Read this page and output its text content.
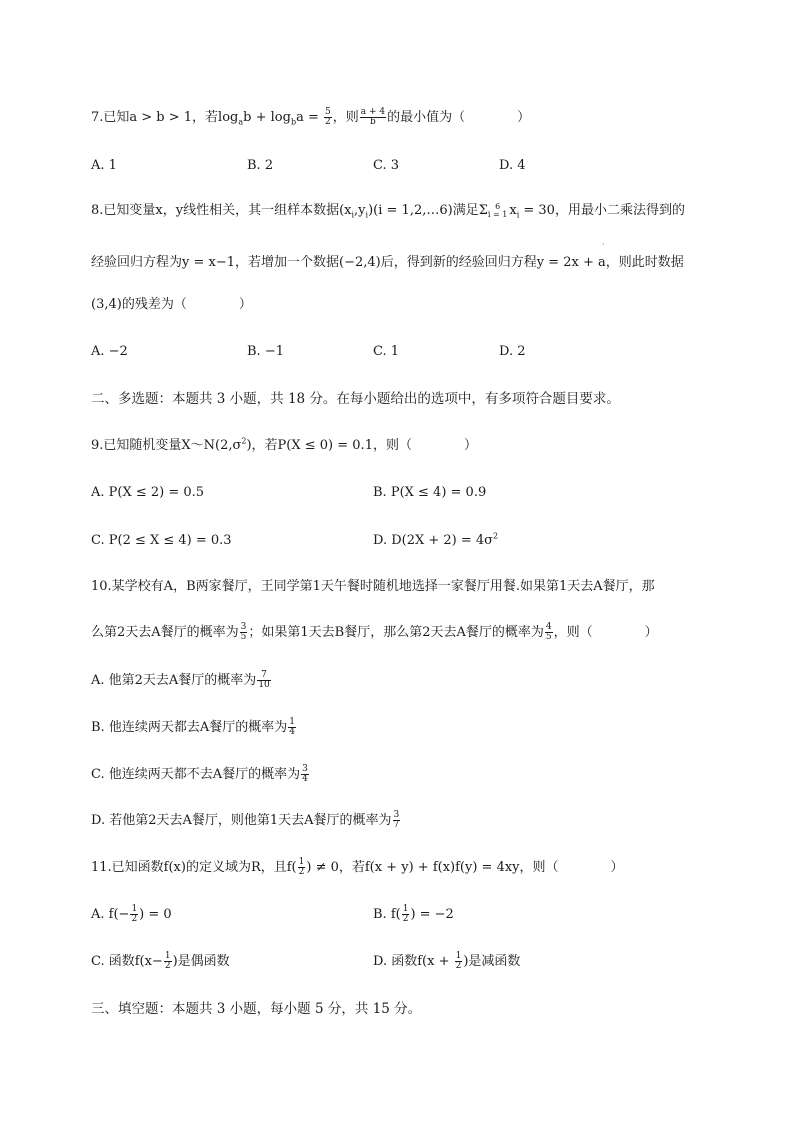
7.已知a > b > 1，若$\log_ab + \log_ba = \frac{5}{2}$ ，则 $\frac{a + 4}{b}$ 的最小值为（　　　　）
A. 1	B. 2	C. 3	D. 4
8.已知变量x，y线性相关，其一组样本数据$(x_i,y_i)(i$ = 1,2,…6)满足Σ 6
i = 1 $x_i = 30$，用最小二乘法得到的
·
经验回归方程为y = x−1，若增加一个数据(−2,4)后，得到新的经验回归方程y = 2x + a，则此时数据
(3,4)的残差为（　　　　）
A. −2	B. −1	C. 1	D. 2
二、多选题：本题共 3 小题，共 18 分。在每小题给出的选项中，有多项符合题目要求。
9.已知随机变量$X\sim N(2,\sigma^2)$，若P(X ≤ 0) = 0.1，则（　　　　）
A. P(X ≤ 2) = 0.5	B. P(X ≤ 4) = 0.9
C. P(2 ≤ X ≤ 4) = 0.3	D. $D(2X + 2) = 4\sigma^2$
10.某学校有A，B两家餐厅，王同学第1天午餐时随机地选择一家餐厅用餐.如果第1天去A餐厅，那
么第2天去A餐厅的概率为 $\frac{3}{5}$ ；如果第1天去B餐厅，那么第2天去A餐厅的概率为 $\frac{4}{5}$ ，则（　　　　）
A. 他第2天去A餐厅的概率为 $\frac{7}{10}$
B. 他连续两天都去A餐厅的概率为 $\frac{1}{4}$
C. 他连续两天都不去A餐厅的概率为 $\frac{3}{4}$
D. 若他第2天去A餐厅，则他第1天去A餐厅的概率为 $\frac{3}{7}$
11.已知函数f(x)的定义域为R，且$f( \frac{1}{2}$ ) ≠ 0，若f(x + y) + f(x)f(y) = 4xy，则（　　　　）
A. $f(- \frac{1}{2}$ ) = 0	B. $f( \frac{1}{2}$ ) = −2
C. 函数$f(x- \frac{1}{2}$ )是偶函数	D. 函数$f(x + \frac{1}{2}$ )是减函数
三、填空题：本题共 3 小题，每小题 5 分，共 15 分。
